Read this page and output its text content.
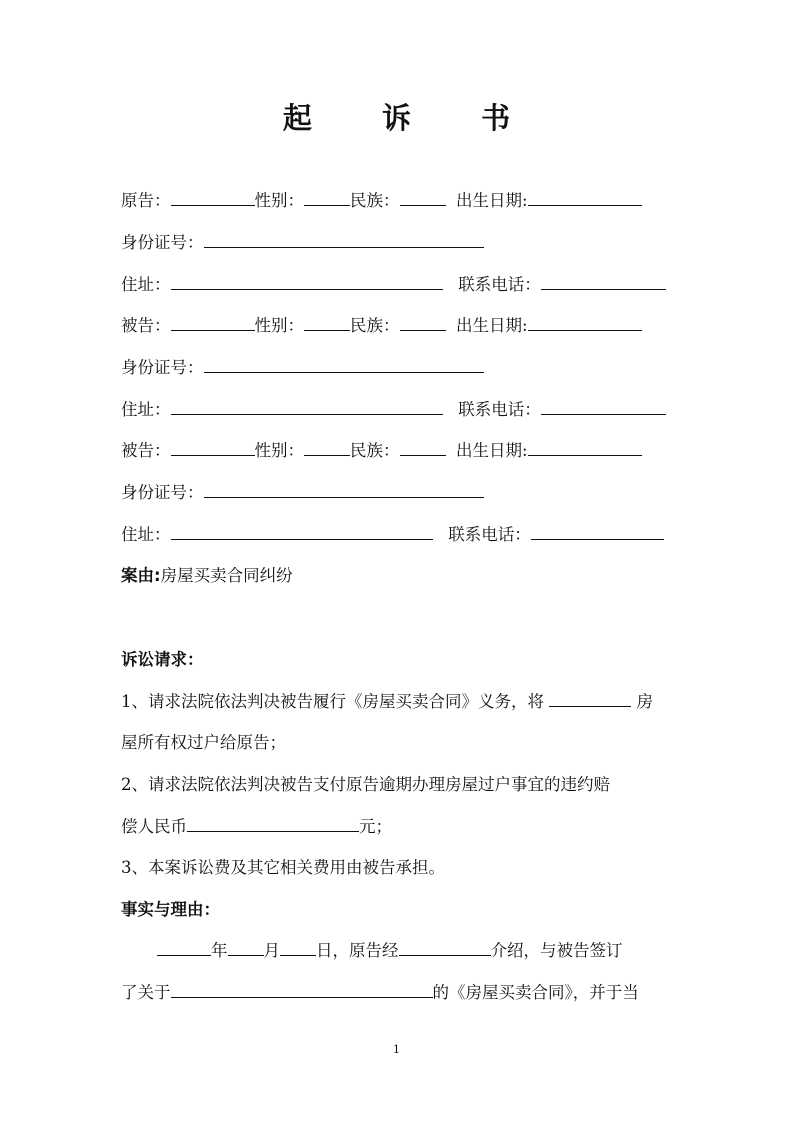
起 诉 书
原告：	性别：	民族：	出生日期:
身份证号：
住址：	联系电话：
被告：	性别：	民族：	出生日期:
身份证号：
住址：	联系电话：
被告：	性别：	民族：	出生日期:
身份证号：
住址：	联系电话：
案由:房屋买卖合同纠纷
诉讼请求：
1、请求法院依法判决被告履行《房屋买卖合同》义务，将	房
屋所有权过户给原告；
2、请求法院依法判决被告支付原告逾期办理房屋过户事宜的违约赔
偿人民币	元；
3、本案诉讼费及其它相关费用由被告承担。
事实与理由：
年 月 日，原告经	介绍，与被告签订
了关于	的《房屋买卖合同》，并于当
1
